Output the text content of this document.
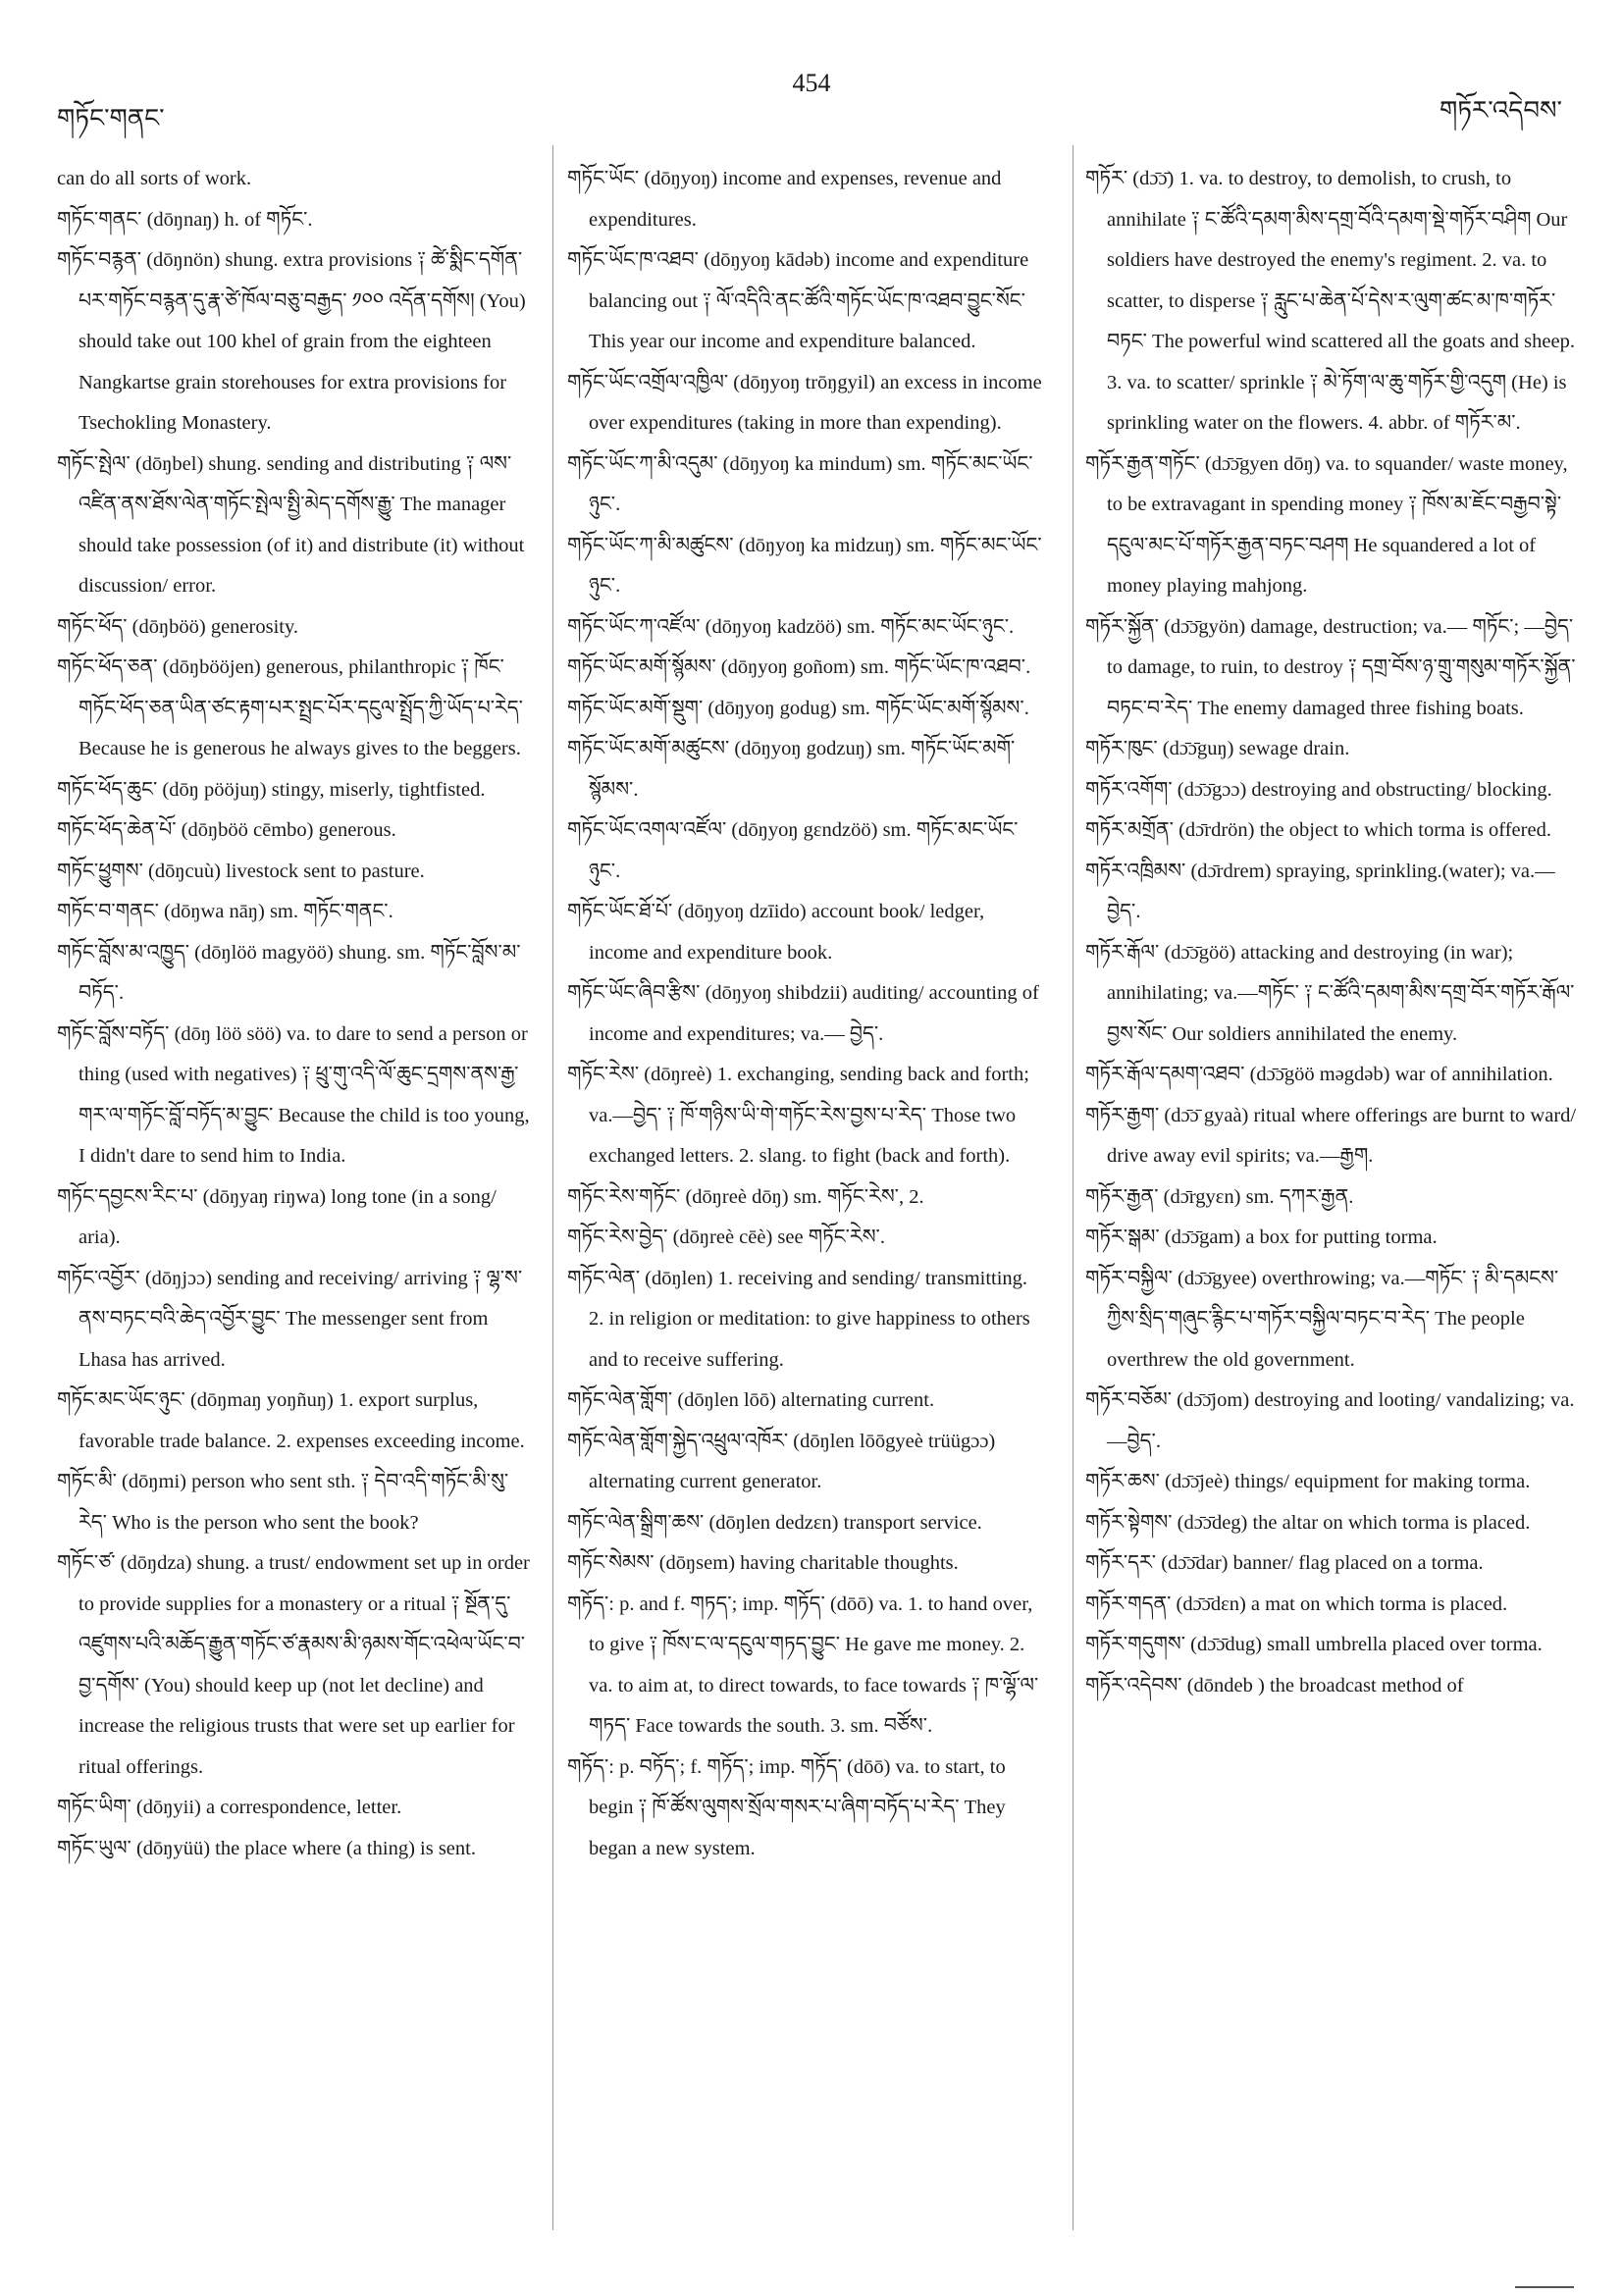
གཏོང་གནང་
454
གཏོར་འདེབས་

can do all sorts of work.

གཏོང་གནང་ (dōŋnaŋ) h. of གཏོང་.

གཏོང་བརྙན་ (dōŋnön) shung. extra provisions ༑ ཚེ་སྨིང་དགོན་པར་གཏོང་བརྙན་དུ་རྣ་ཙེ་ཁོལ་བཅུ་བརྒྱད་ ༡༠༠ འདོན་དགོས། (You) should take out 100 khel of grain from the eighteen Nangkartse grain storehouses for extra provisions for Tsechokling Monastery.

གཏོང་སྤེལ་ (dōŋbel) shung. sending and distributing ༑ ལས་འཛིན་ནས་ཐོས་ལེན་གཏོང་སྤེལ་སྤྱི་མེད་དགོས་རྒྱུ་ The manager should take possession (of it) and distribute (it) without discussion/ error.

གཏོང་ཕོད་ (dōŋböö) generosity.

གཏོང་ཕོད་ཅན་ (dōŋbööjen) generous, philanthropic ༑ ཁོང་གཏོང་ཕོད་ཅན་ཡིན་ཙང་རྟག་པར་སྤྲང་པོར་དངུལ་སྤྲོད་ཀྱི་ཡོད་པ་རེད་ Because he is generous he always gives to the beggers.

གཏོང་ཕོད་ཆུང་ (dōŋ pööjuŋ) stingy, miserly, tightfisted.

གཏོང་ཕོད་ཆེན་པོ་ (dōŋböö cēmbo) generous.

གཏོང་ཕྱུགས་ (dōŋcuù) livestock sent to pasture.

གཏོང་བ་གནང་ (dōŋwa nāŋ) sm. གཏོང་གནང་.

གཏོང་བློས་མ་འཁྱུད་ (dōŋlöö magyöö) shung. sm. གཏོང་བློས་མ་བཏོད་.

གཏོང་བློས་བཏོད་ (dōŋ löö söö) va. to dare to send a person or thing (used with negatives) ༑ ཕྲུ་གུ་འདི་ལོ་ཆུང་དྲགས་ནས་རྒྱ་གར་ལ་གཏོང་བློ་བཏོད་མ་བྱུང་ Because the child is too young, I didn't dare to send him to India.

གཏོང་དབྱངས་རིང་པ་ (dōŋyaŋ riŋwa) long tone (in a song/ aria).

གཏོང་འབྱོར་ (dōŋjɔɔ) sending and receiving/ arriving ༑ ལྷ་ས་ནས་བཏང་བའི་ཆེད་འབྱོར་བྱུང་ The messenger sent from Lhasa has arrived.

གཏོང་མང་ཡོང་ཉུང་ (dōŋmaŋ yoŋñuŋ) 1. export surplus, favorable trade balance. 2. expenses exceeding income.

གཏོང་མི་ (dōŋmi) person who sent sth. ༑ དེབ་འདི་གཏོང་མི་སུ་རེད་ Who is the person who sent the book?

གཏོང་ཙ་ (dōŋdza) shung. a trust/ endowment set up in order to provide supplies for a monastery or a ritual ༑ སྔོན་དུ་འཛུགས་པའི་མཆོད་རྒྱུན་གཏོང་ཙ་རྣམས་མི་ཉམས་གོང་འཕེལ་ཡོང་བ་བྱ་དགོས་ (You) should keep up (not let decline) and increase the religious trusts that were set up earlier for ritual offerings.

གཏོང་ཡིག་ (dōŋyii) a correspondence, letter.

གཏོང་ཡུལ་ (dōŋyüü) the place where (a thing) is sent.

གཏོང་ཡོང་ (dōŋyoŋ) income and expenses, revenue and expenditures.

གཏོང་ཡོང་ཁ་འཐབ་ (dōŋyoŋ kādəb) income and expenditure balancing out ༑ ལོ་འདིའི་ནང་ཚོའི་གཏོང་ཡོང་ཁ་འཐབ་བྱུང་སོང་ This year our income and expenditure balanced.

གཏོང་ཡོང་འགྲོལ་འཁྱིལ་ (dōŋyoŋ trōŋgyil) an excess in income over expenditures (taking in more than expending).

གཏོང་ཡོང་ཀ་མི་འདུམ་ (dōŋyoŋ ka mindum) sm. གཏོང་མང་ཡོང་ཉུང་.

གཏོང་ཡོང་ཀ་མི་མཚུངས་ (dōŋyoŋ ka midzuŋ) sm. གཏོང་མང་ཡོང་ཉུང་.

གཏོང་ཡོང་ཀ་འཛོལ་ (dōŋyoŋ kadzöö) sm. གཏོང་མང་ཡོང་ཉུང་.

གཏོང་ཡོང་མགོ་སྙོམས་ (dōŋyoŋ goñom) sm. གཏོང་ཡོང་ཁ་འཐབ་.

གཏོང་ཡོང་མགོ་སྡུག་ (dōŋyoŋ godug) sm. གཏོང་ཡོང་མགོ་སྙོམས་.

གཏོང་ཡོང་མགོ་མཚུངས་ (dōŋyoŋ godzuŋ) sm. གཏོང་ཡོང་མགོ་སྙོམས་.

གཏོང་ཡོང་འགལ་འཛོལ་ (dōŋyoŋ gɛndzöö) sm. གཏོང་མང་ཡོང་ཉུང་.

གཏོང་ཡོང་ཐོ་པོ་ (dōŋyoŋ dzīido) account book/ ledger, income and expenditure book.

གཏོང་ཡོང་ཞིབ་རྩིས་ (dōŋyoŋ shibdzii) auditing/ accounting of income and expenditures; va.— བྱེད་.

གཏོང་རེས་ (dōŋreè) 1. exchanging, sending back and forth; va.—བྱེད་ ༑ ཁོ་གཉིས་ཡི་གེ་གཏོང་རེས་བྱས་པ་རེད་ Those two exchanged letters. 2. slang. to fight (back and forth).

གཏོང་རེས་གཏོང་ (dōŋreè dōŋ) sm. གཏོང་རེས་, 2.

གཏོང་རེས་བྱེད་ (dōŋreè cēè) see གཏོང་རེས་.

གཏོང་ལེན་ (dōŋlen) 1. receiving and sending/ transmitting. 2. in religion or meditation: to give happiness to others and to receive suffering.

གཏོང་ལེན་གློག་ (dōŋlen lōō) alternating current.

གཏོང་ལེན་གློག་སྐྱེད་འཕྲུལ་འཁོར་ (dōŋlen lōōgyeè trüügɔɔ) alternating current generator.

གཏོང་ལེན་སྒྲིག་ཆས་ (dōŋlen dedzɛn) transport service.

གཏོང་སེམས་ (dōŋsem) having charitable thoughts.

གཏོད་: p. and f. གཏད་; imp. གཏོད་ (dōō) va. 1. to hand over, to give ༑ ཁོས་ང་ལ་དངུལ་གཏད་བྱུང་ He gave me money. 2. va. to aim at, to direct towards, to face towards ༑ ཁ་ལྷོ་ལ་གཏད་ Face towards the south. 3. sm. བཙོས་.

གཏོད་: p. བཏོད་; f. གཏོད་; imp. གཏོད་ (dōō) va. to start, to begin ༑ ཁོ་ཚོས་ལུགས་སྲོལ་གསར་པ་ཞིག་བཏོད་པ་རེད་ They began a new system.

གཏོར་ (dɔ̄ɔ̄) 1. va. to destroy, to demolish, to crush, to annihilate ༑ ང་ཚོའི་དམག་མིས་དགྲ་བོའི་དམག་སྡེ་གཏོར་བཤིག Our soldiers have destroyed the enemy's regiment. 2. va. to scatter, to disperse ༑ རླུང་པ་ཆེན་པོ་དེས་ར་ལུག་ཚང་མ་ཁ་གཏོར་བཏང་ The powerful wind scattered all the goats and sheep. 3. va. to scatter/ sprinkle ༑ མེ་ཏོག་ལ་ཆུ་གཏོར་གྱི་འདུག (He) is sprinkling water on the flowers. 4. abbr. of གཏོར་མ་.

གཏོར་རྒྱན་གཏོང་ (dɔ̄ɔ̄gyen dōŋ) va. to squander/ waste money, to be extravagant in spending money ༑ ཁོས་མ་ཇོང་བརྒྱབ་སྟེ་དངུལ་མང་པོ་གཏོར་རྒྱན་བཏང་བཤག He squandered a lot of money playing mahjong.

གཏོར་སྐྱོན་ (dɔ̄ɔ̄gyön) damage, destruction; va.— གཏོང་; —བྱེད་ to damage, to ruin, to destroy ༑ དགྲ་བོས་ཉ་གྲུ་གསུམ་གཏོར་སྐྱོན་བཏང་བ་རེད་ The enemy damaged three fishing boats.

གཏོར་ཁུང་ (dɔ̄ɔ̄guŋ) sewage drain.

གཏོར་འགོག་ (dɔ̄ɔ̄gɔɔ) destroying and obstructing/ blocking.

གཏོར་མགྲོན་ (dɔ̄rdrön) the object to which torma is offered.

གཏོར་འཁྲིམས་ (dɔ̄rdrem) spraying, sprinkling.(water); va.—བྱེད་.

གཏོར་རྒོལ་ (dɔ̄ɔ̄göö) attacking and destroying (in war); annihilating; va.—གཏོང་ ༑ ང་ཚོའི་དམག་མིས་དགྲ་བོར་གཏོར་རྒོལ་བྱས་སོང་ Our soldiers annihilated the enemy.

གཏོར་རྒོལ་དམག་འཐབ་ (dɔ̄ɔ̄göö məgdəb) war of annihilation.

གཏོར་རྒྱག་ (dɔ̄ɔ̄ gyaà) ritual where offerings are burnt to ward/ drive away evil spirits; va.—རྒྱག.

གཏོར་རྒྱན་ (dɔ̄rgyɛn) sm. དཀར་རྒྱན.

གཏོར་སྒམ་ (dɔ̄ɔ̄gam) a box for putting torma.

གཏོར་བསྐྱིལ་ (dɔ̄ɔ̄gyee) overthrowing; va.—གཏོང་ ༑ མི་དམངས་ཀྱིས་སྲིད་གཞུང་རྙིང་པ་གཏོར་བསྐྱིལ་བཏང་བ་རེད་ The people overthrew the old government.

གཏོར་བཅོམ་ (dɔ̄ɔ̄jom) destroying and looting/ vandalizing; va.—བྱེད་.

གཏོར་ཆས་ (dɔ̄ɔ̄jeè) things/ equipment for making torma.

གཏོར་སྟེགས་ (dɔ̄ɔ̄deg) the altar on which torma is placed.

གཏོར་དར་ (dɔ̄ɔ̄dar) banner/ flag placed on a torma.

གཏོར་གདན་ (dɔ̄ɔ̄dɛn) a mat on which torma is placed.

གཏོར་གདུགས་ (dɔ̄ɔ̄dug) small umbrella placed over torma.

གཏོར་འདེབས་ (dōndeb ) the broadcast method of
